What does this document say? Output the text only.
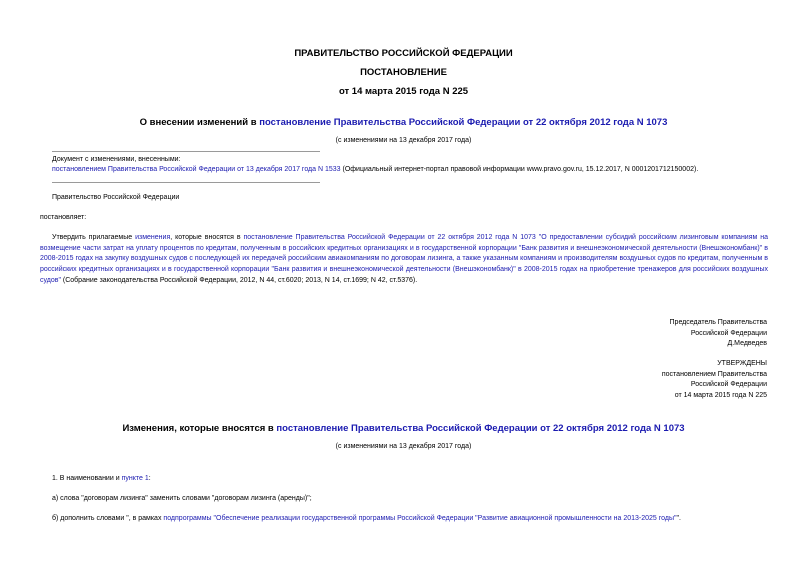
ПРАВИТЕЛЬСТВО РОССИЙСКОЙ ФЕДЕРАЦИИ
ПОСТАНОВЛЕНИЕ
от 14 марта 2015 года N 225
О внесении изменений в постановление Правительства Российской Федерации от 22 октября 2012 года N 1073
(с изменениями на 13 декабря 2017 года)
Документ с изменениями, внесенными:
постановлением Правительства Российской Федерации от 13 декабря 2017 года N 1533 (Официальный интернет-портал правовой информации www.pravo.gov.ru, 15.12.2017, N 0001201712150002).
Правительство Российской Федерации
постановляет:
Утвердить прилагаемые изменения, которые вносятся в постановление Правительства Российской Федерации от 22 октября 2012 года N 1073 "О предоставлении субсидий российским лизинговым компаниям на возмещение части затрат на уплату процентов по кредитам, полученным в российских кредитных организациях и в государственной корпорации "Банк развития и внешнеэкономической деятельности (Внешэкономбанк)" в 2008-2015 годах на закупку воздушных судов с последующей их передачей российским авиакомпаниям по договорам лизинга, а также указанным компаниям и производителям воздушных судов по кредитам, полученным в российских кредитных организациях и в государственной корпорации "Банк развития и внешнеэкономической деятельности (Внешэкономбанк)" в 2008-2015 годах на приобретение тренажеров для российских воздушных судов" (Собрание законодательства Российской Федерации, 2012, N 44, ст.6020; 2013, N 14, ст.1699; N 42, ст.5376).
Председатель Правительства
Российской Федерации
Д.Медведев
УТВЕРЖДЕНЫ
постановлением Правительства
Российской Федерации
от 14 марта 2015 года N 225
Изменения, которые вносятся в постановление Правительства Российской Федерации от 22 октября 2012 года N 1073
(с изменениями на 13 декабря 2017 года)
1. В наименовании и пункте 1:
а) слова "договорам лизинга" заменить словами "договорам лизинга (аренды)";
б) дополнить словами ", в рамках подпрограммы "Обеспечение реализации государственной программы Российской Федерации "Развитие авиационной промышленности на 2013-2025 годы"".
